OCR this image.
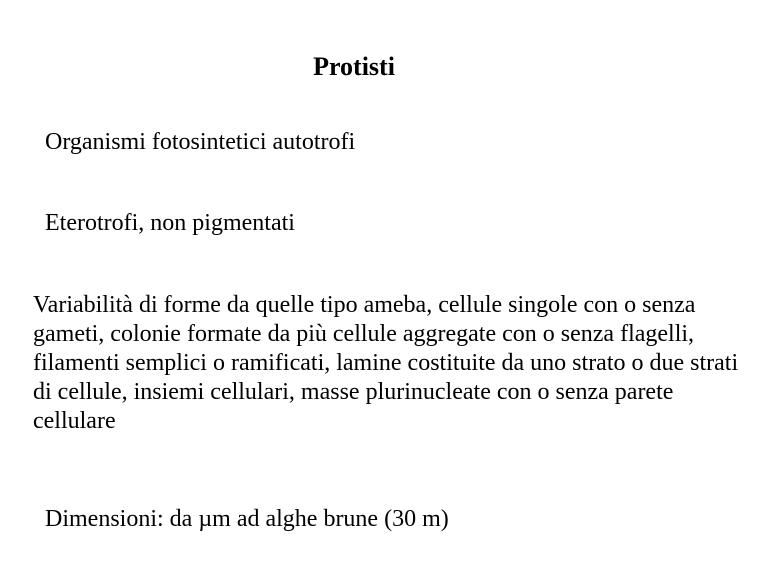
Protisti
Organismi fotosintetici autotrofi
Eterotrofi, non pigmentati
Variabilità di forme da quelle tipo ameba, cellule singole con o senza gameti, colonie formate da più cellule aggregate con o senza flagelli, filamenti semplici o ramificati, lamine costituite da uno strato o due strati di cellule, insiemi cellulari, masse plurinucleate con o senza parete cellulare
Dimensioni: da µm ad alghe brune (30 m)
